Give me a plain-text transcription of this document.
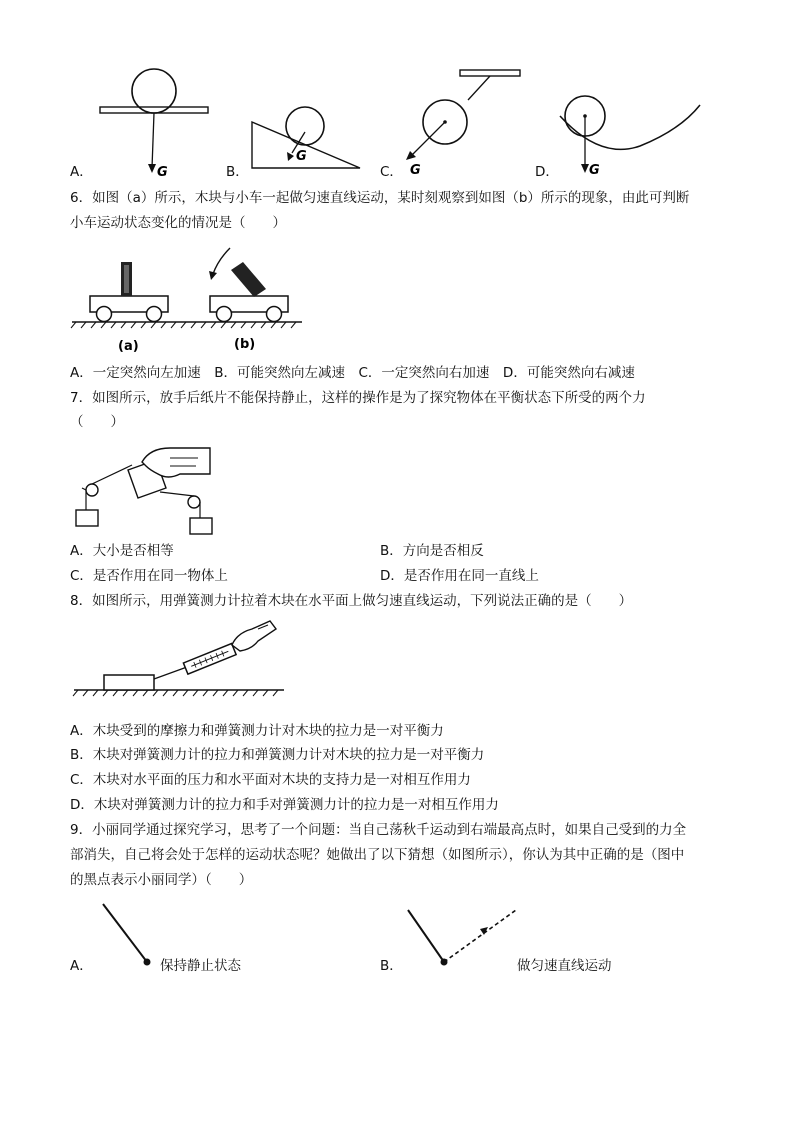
G
G
G	G
A．	B．	C．	D．
6．如图（a）所示，木块与小车一起做匀速直线运动，某时刻观察到如图（b）所示的现象，由此可判断
小车运动状态变化的情况是（　　）
(a)	(b)
A．一定突然向左加速　B．可能突然向左减速　C．一定突然向右加速　D．可能突然向右减速
7．如图所示，放手后纸片不能保持静止，这样的操作是为了探究物体在平衡状态下所受的两个力
（　　）
A．大小是否相等	B．方向是否相反
C．是否作用在同一物体上	D．是否作用在同一直线上
8．如图所示，用弹簧测力计拉着木块在水平面上做匀速直线运动，下列说法正确的是（　　）
A．木块受到的摩擦力和弹簧测力计对木块的拉力是一对平衡力
B．木块对弹簧测力计的拉力和弹簧测力计对木块的拉力是一对平衡力
C．木块对水平面的压力和水平面对木块的支持力是一对相互作用力
D．木块对弹簧测力计的拉力和手对弹簧测力计的拉力是一对相互作用力
9．小丽同学通过探究学习，思考了一个问题：当自己荡秋千运动到右端最高点时，如果自己受到的力全
部消失，自己将会处于怎样的运动状态呢？她做出了以下猜想（如图所示），你认为其中正确的是（图中
的黑点表示小丽同学）（　　）
A．	保持静止状态	B．	做匀速直线运动
